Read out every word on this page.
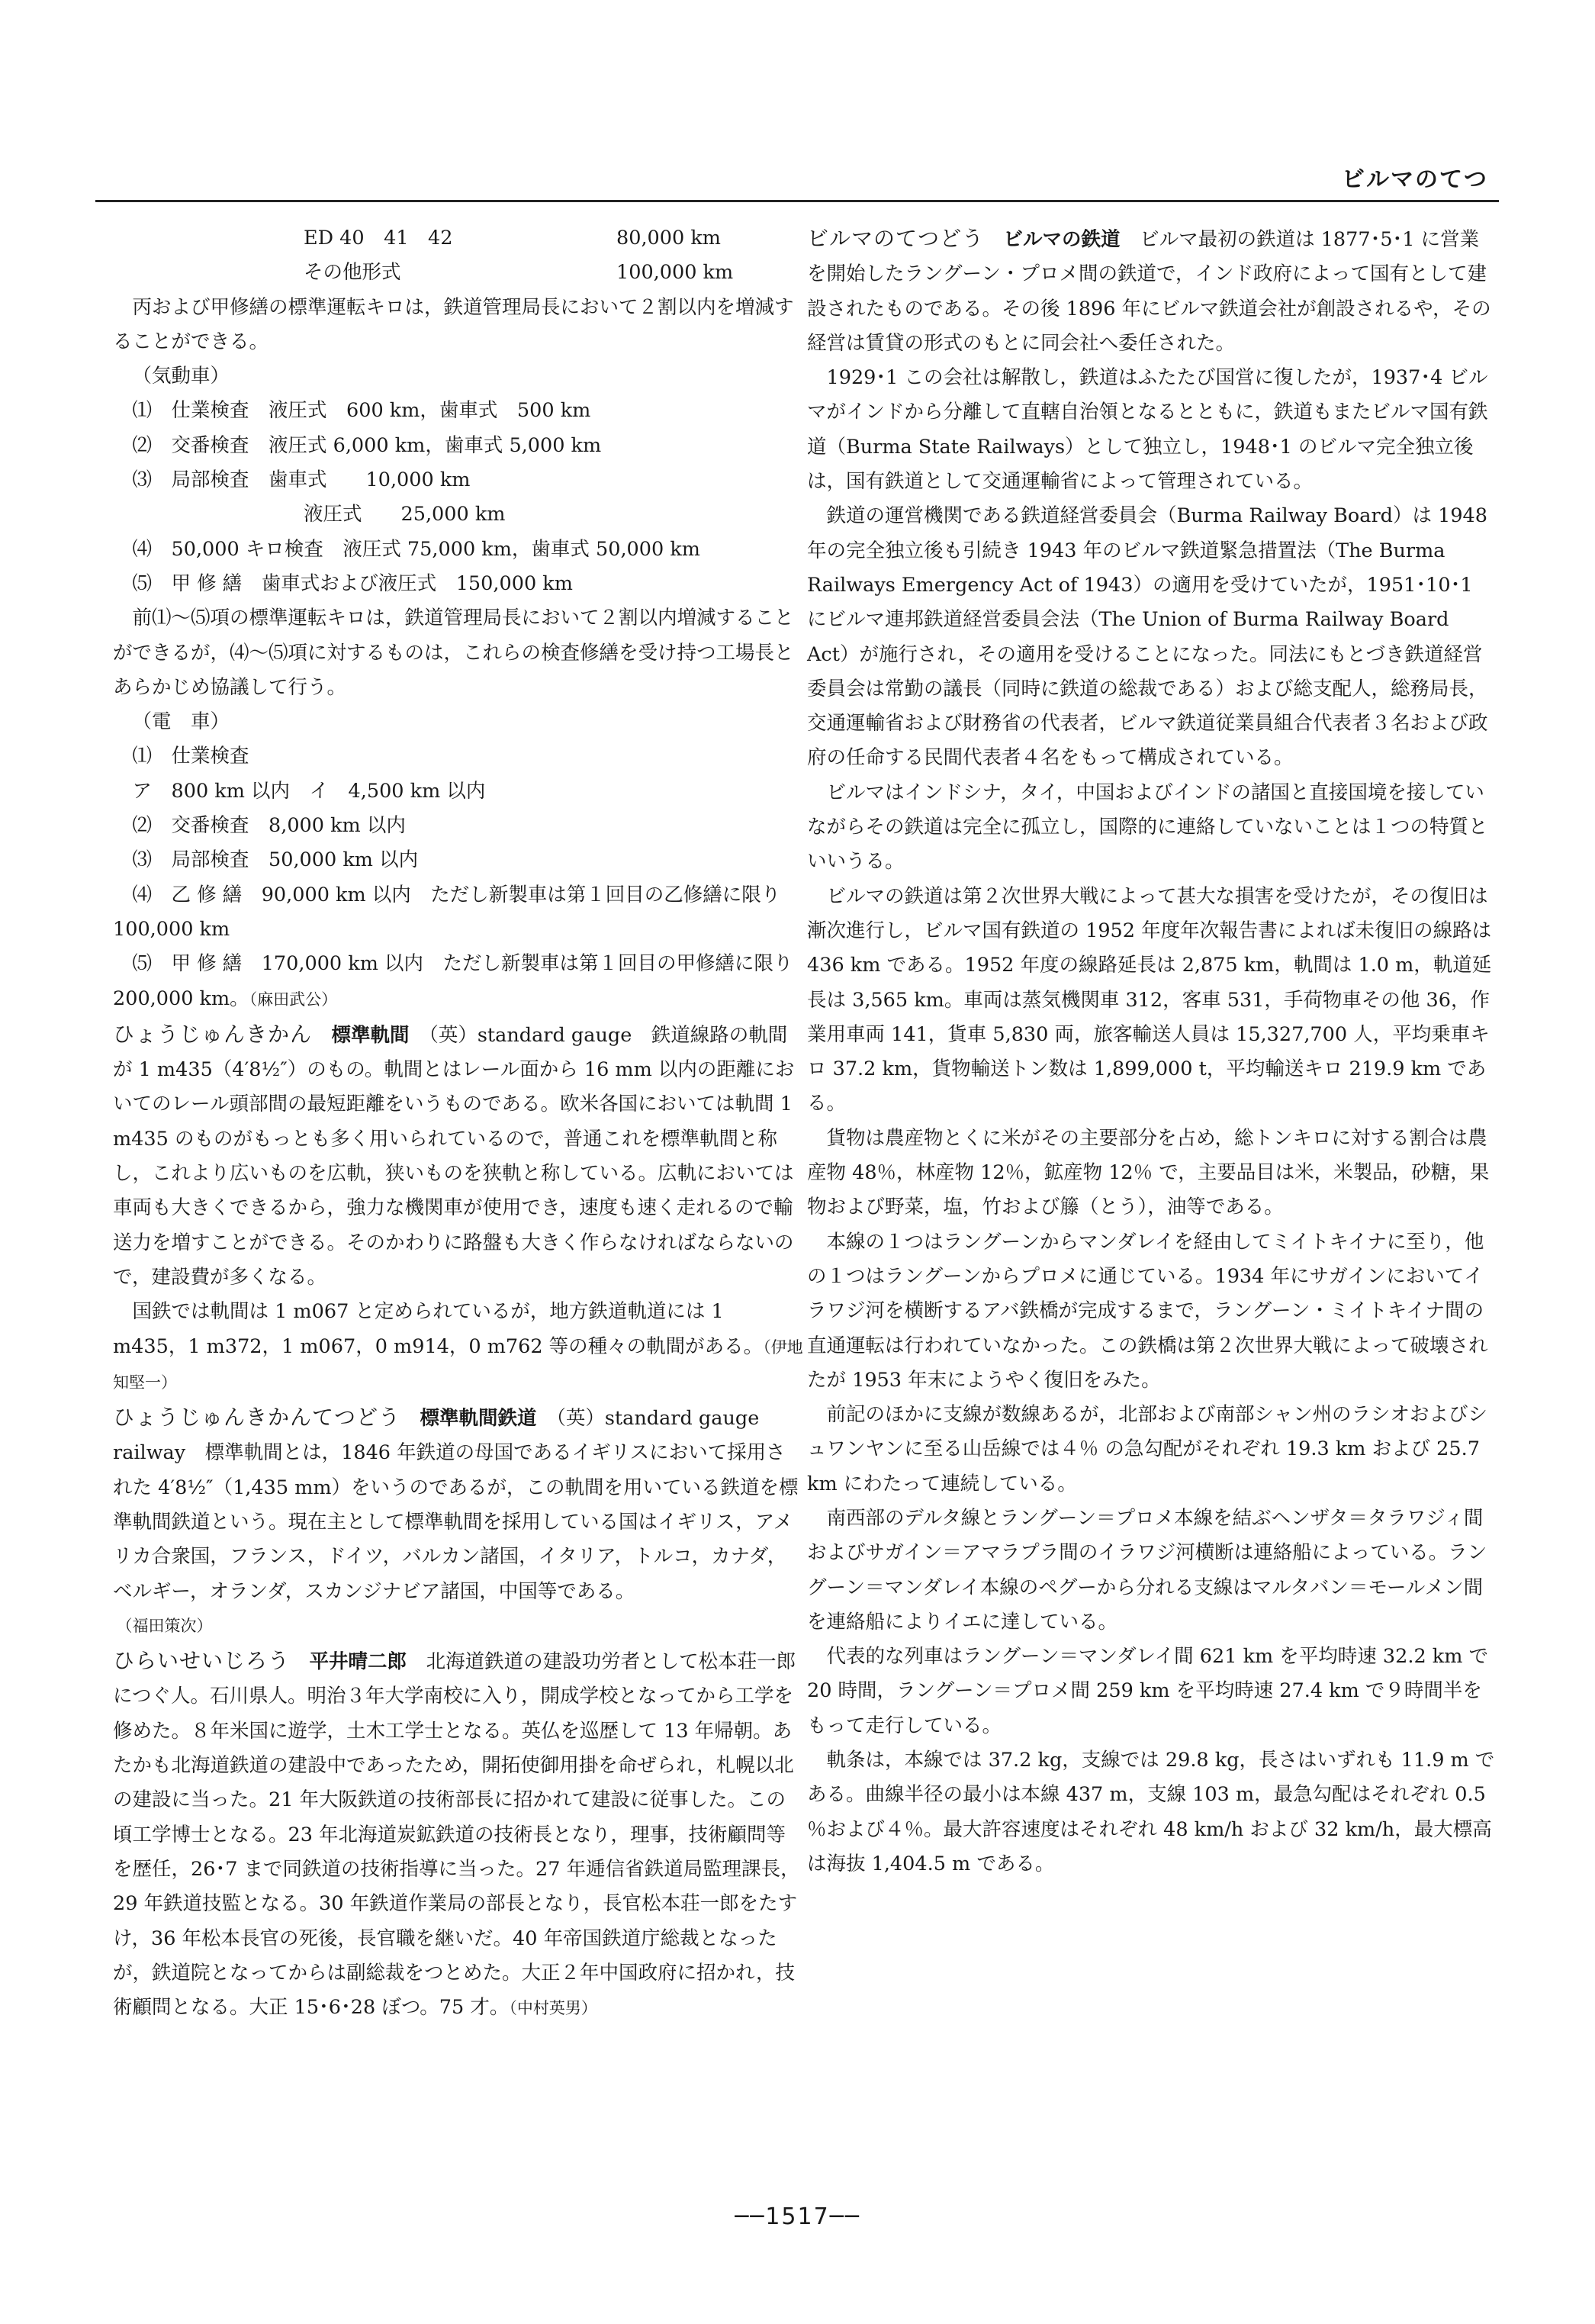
ビルマのてつ

ED 40　41　42	80,000 km

その他形式	100,000 km

丙および甲修繕の標準運転キロは，鉄道管理局長において２割以内を増減することができる。

（気動車）

⑴　仕業検査　液圧式　600 km，歯車式　500 km

⑵　交番検査　液圧式 6,000 km，歯車式 5,000 km

⑶　局部検査　歯車式　　10,000 km

液圧式　　25,000 km

⑷　50,000 キロ検査　液圧式 75,000 km，歯車式 50,000 km

⑸　甲 修 繕　歯車式および液圧式　150,000 km

前⑴～⑸項の標準運転キロは，鉄道管理局長において２割以内増減することができるが，⑷～⑸項に対するものは，これらの検査修繕を受け持つ工場長とあらかじめ協議して行う。

（電　車）

⑴　仕業検査

ア　800 km 以内　イ　4,500 km 以内

⑵　交番検査　8,000 km 以内

⑶　局部検査　50,000 km 以内

⑷　乙 修 繕　90,000 km 以内　ただし新製車は第１回目の乙修繕に限り 100,000 km

⑸　甲 修 繕　170,000 km 以内　ただし新製車は第１回目の甲修繕に限り 200,000 km。（麻田武公）

ひょうじゅんきかん　 標準軌間　 （英）standard gauge　鉄道線路の軌間が 1 m435（4′8½″）のもの。軌間とはレール面から 16 mm 以内の距離においてのレール頭部間の最短距離をいうものである。欧米各国においては軌間 1 m435 のものがもっとも多く用いられているので，普通これを標準軌間と称し，これより広いものを広軌，狭いものを狭軌と称している。広軌においては車両も大きくできるから，強力な機関車が使用でき，速度も速く走れるので輸送力を増すことができる。そのかわりに路盤も大きく作らなければならないので，建設費が多くなる。

国鉄では軌間は 1 m067 と定められているが，地方鉄道軌道には 1 m435，1 m372，1 m067，0 m914，0 m762 等の種々の軌間がある。（伊地知堅一）

ひょうじゅんきかんてつどう　 標準軌間鉄道　 （英）standard gauge railway　標準軌間とは，1846 年鉄道の母国であるイギリスにおいて採用された 4′8½″（1,435 mm）をいうのであるが，この軌間を用いている鉄道を標準軌間鉄道という。現在主として標準軌間を採用している国はイギリス，アメリカ合衆国，フランス，ドイツ，バルカン諸国，イタリア，トルコ，カナダ，ベルギー，オランダ，スカンジナビア諸国，中国等である。

（福田策次）

ひらいせいじろう　 平井晴二郎　 北海道鉄道の建設功労者として松本荘一郎につぐ人。石川県人。明治３年大学南校に入り，開成学校となってから工学を修めた。８年米国に遊学，土木工学士となる。英仏を巡歴して 13 年帰朝。あたかも北海道鉄道の建設中であったため，開拓使御用掛を命ぜられ，札幌以北の建設に当った。21 年大阪鉄道の技術部長に招かれて建設に従事した。この頃工学博士となる。23 年北海道炭鉱鉄道の技術長となり，理事，技術顧問等を歴任，26･7 まで同鉄道の技術指導に当った。27 年逓信省鉄道局監理課長，29 年鉄道技監となる。30 年鉄道作業局の部長となり，長官松本荘一郎をたすけ，36 年松本長官の死後，長官職を継いだ。40 年帝国鉄道庁総裁となったが，鉄道院となってからは副総裁をつとめた。大正２年中国政府に招かれ，技術顧問となる。大正 15･6･28 ぼつ。75 才。（中村英男）

ビルマのてつどう　 ビルマの鉄道　 ビルマ最初の鉄道は 1877･5･1 に営業を開始したラングーン・プロメ間の鉄道で，インド政府によって国有として建設されたものである。その後 1896 年にビルマ鉄道会社が創設されるや，その経営は賃貸の形式のもとに同会社へ委任された。

1929･1 この会社は解散し，鉄道はふたたび国営に復したが，1937･4 ビルマがインドから分離して直轄自治領となるとともに，鉄道もまたビルマ国有鉄道（Burma State Railways）として独立し，1948･1 のビルマ完全独立後は，国有鉄道として交通運輸省によって管理されている。

鉄道の運営機関である鉄道経営委員会（Burma Railway Board）は 1948 年の完全独立後も引続き 1943 年のビルマ鉄道緊急措置法（The Burma Railways Emergency Act of 1943）の適用を受けていたが，1951･10･1 にビルマ連邦鉄道経営委員会法（The Union of Burma Railway Board Act）が施行され，その適用を受けることになった。同法にもとづき鉄道経営委員会は常勤の議長（同時に鉄道の総裁である）および総支配人，総務局長，交通運輸省および財務省の代表者，ビルマ鉄道従業員組合代表者３名および政府の任命する民間代表者４名をもって構成されている。

ビルマはインドシナ，タイ，中国およびインドの諸国と直接国境を接していながらその鉄道は完全に孤立し，国際的に連絡していないことは１つの特質といいうる。

ビルマの鉄道は第２次世界大戦によって甚大な損害を受けたが，その復旧は漸次進行し，ビルマ国有鉄道の 1952 年度年次報告書によれば未復旧の線路は 436 km である。1952 年度の線路延長は 2,875 km，軌間は 1.0 m，軌道延長は 3,565 km。車両は蒸気機関車 312，客車 531，手荷物車その他 36，作業用車両 141，貨車 5,830 両，旅客輸送人員は 15,327,700 人，平均乗車キロ 37.2 km，貨物輸送トン数は 1,899,000 t，平均輸送キロ 219.9 km である。

貨物は農産物とくに米がその主要部分を占め，総トンキロに対する割合は農産物 48％，林産物 12％，鉱産物 12％ で，主要品目は米，米製品，砂糖，果物および野菜，塩，竹および籐（とう），油等である。

本線の１つはラングーンからマンダレイを経由してミイトキイナに至り，他の１つはラングーンからプロメに通じている。1934 年にサガインにおいてイラワジ河を横断するアバ鉄橋が完成するまで，ラングーン・ミイトキイナ間の直通運転は行われていなかった。この鉄橋は第２次世界大戦によって破壊されたが 1953 年末にようやく復旧をみた。

前記のほかに支線が数線あるが，北部および南部シャン州のラシオおよびシュワンヤンに至る山岳線では４％ の急勾配がそれぞれ 19.3 km および 25.7 km にわたって連続している。

南西部のデルタ線とラングーン＝プロメ本線を結ぶヘンザタ＝タラワジィ間およびサガイン＝アマラプラ間のイラワジ河横断は連絡船によっている。ラングーン＝マンダレイ本線のペグーから分れる支線はマルタバン＝モールメン間を連絡船によりイエに達している。

代表的な列車はラングーン＝マンダレイ間 621 km を平均時速 32.2 km で 20 時間，ラングーン＝プロメ間 259 km を平均時速 27.4 km で９時間半をもって走行している。

軌条は，本線では 37.2 kg，支線では 29.8 kg，長さはいずれも 11.9 m である。曲線半径の最小は本線 437 m，支線 103 m，最急勾配はそれぞれ 0.5 ％および４％。最大許容速度はそれぞれ 48 km/h および 32 km/h，最大標高は海抜 1,404.5 m である。

──1517──
